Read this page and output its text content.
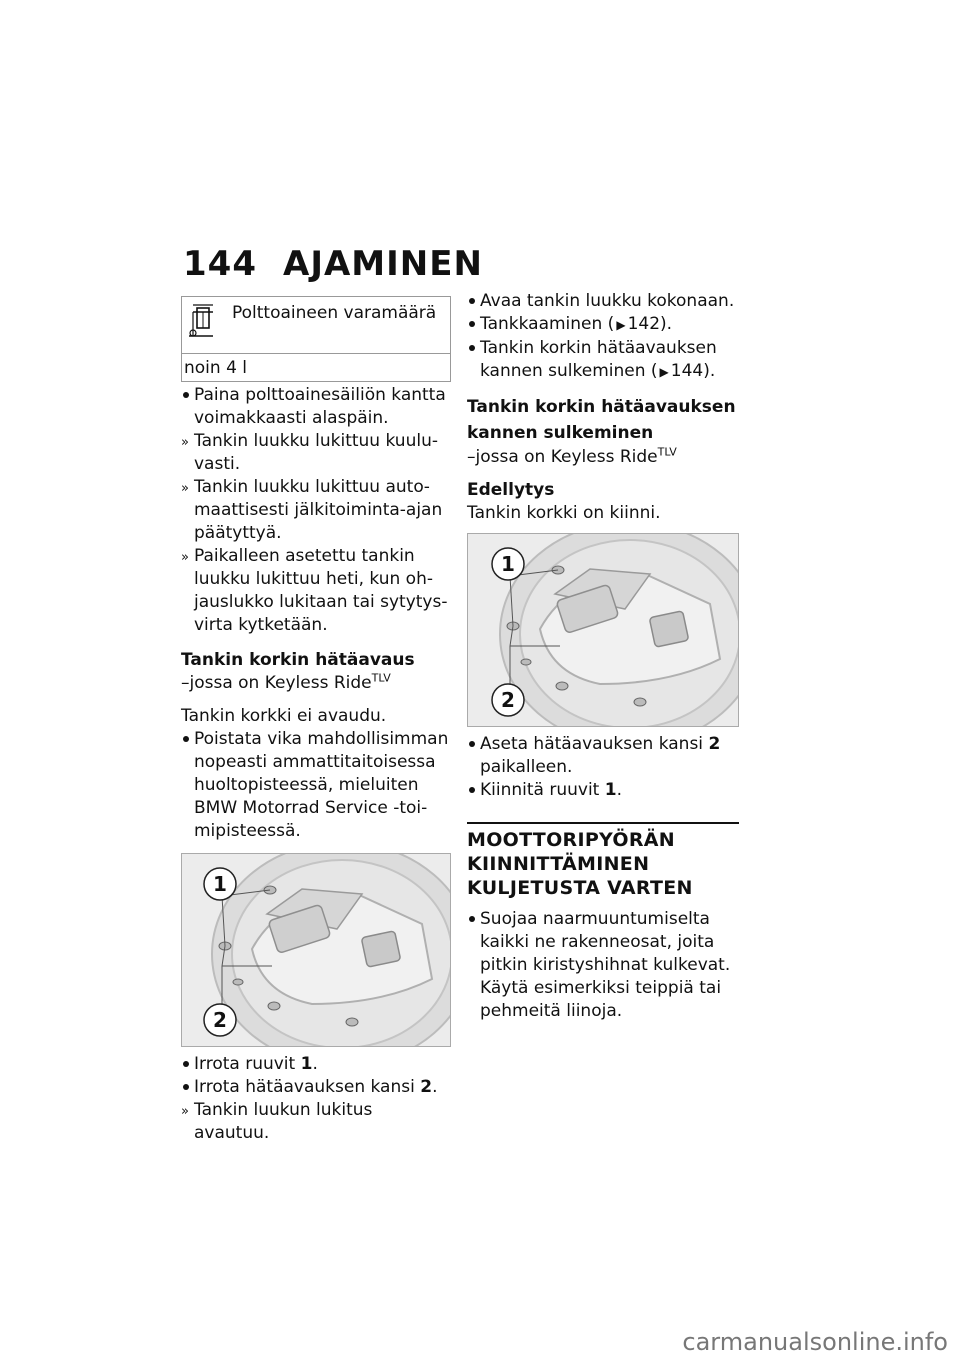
144 AJAMINEN
Polttoaineen varamäärä
noin 4 l
Paina polttoainesäiliön kantta voimakkaasti alaspäin.
» Tankin luukku lukittuu kuuluvasti.
» Tankin luukku lukittuu automaattisesti jälkitoiminta-ajan päätyttyä.
» Paikalleen asetettu tankin luukku lukittuu heti, kun ohjauslukko lukitaan tai sytytysvirta kytketään.
Tankin korkin hätäavaus
–jossa on Keyless Ride$^{TLV}$
Tankin korkki ei avaudu.
Poistata vika mahdollisimman nopeasti ammattitaitoisessa huoltopisteessä, mieluiten BMW Motorrad Service -toimipisteessä.
1
2
Irrota ruuvit 1.
Irrota hätäavauksen kansi 2.
» Tankin luukun lukitus avautuu.
Avaa tankin luukku kokonaan.
Tankkaaminen ( ▶ 142).
Tankin korkin hätäavauksen kannen sulkeminen ( ▶ 144).
Tankin korkin hätäavauksen kannen sulkeminen
–jossa on Keyless Ride$^{TLV}$
Edellytys
Tankin korkki on kiinni.
1
2
Aseta hätäavauksen kansi 2 paikalleen.
Kiinnitä ruuvit 1.
MOOTTORIPYÖRÄN KIINNITTÄMINEN KULJETUSTA VARTEN
Suojaa naarmuuntumiselta kaikki ne rakenneosat, joita pitkin kiristyshihnat kulkevat. Käytä esimerkiksi teippiä tai pehmeitä liinoja.
carmanualsonline.info
